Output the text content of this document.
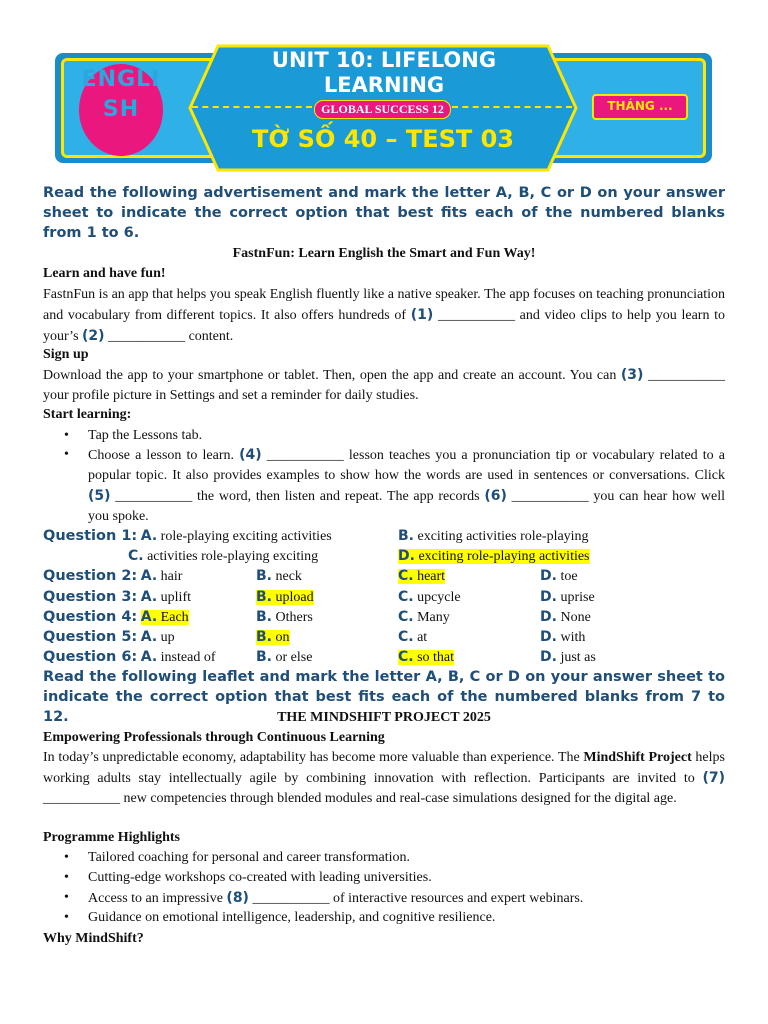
ENGLISH
UNIT 10: LIFELONG LEARNING
GLOBAL SUCCESS 12
TỜ SỐ 40 – TEST 03
THÁNG ...

Read the following advertisement and mark the letter A, B, C or D on your answer sheet to indicate the correct option that best fits each of the numbered blanks from 1 to 6.

FastnFun: Learn English the Smart and Fun Way!

Learn and have fun!

FastnFun is an app that helps you speak English fluently like a native speaker. The app focuses on teaching pronunciation and vocabulary from different topics. It also offers hundreds of (1) ___________ and video clips to help you learn to your’s (2) ___________ content.

Sign up

Download the app to your smartphone or tablet. Then, open the app and create an account. You can (3) ___________ your profile picture in Settings and set a reminder for daily studies.

Start learning:

•	Tap the Lessons tab.

•	Choose a lesson to learn. (4) ___________ lesson teaches you a pronunciation tip or vocabulary related to a popular topic. It also provides examples to show how the words are used in sentences or conversations. Click (5) ___________ the word, then listen and repeat. The app records (6) ___________ you can hear how well you spoke.

Question 1: A. role-playing exciting activities	B. exciting activities role-playing
C. activities role-playing exciting	D. exciting role-playing activities
Question 2: A. hair	B. neck	C. heart	D. toe
Question 3: A. uplift	B. upload	C. upcycle	D. uprise
Question 4: A. Each	B. Others	C. Many	D. None
Question 5: A. up	B. on	C. at	D. with
Question 6: A. instead of	B. or else	C. so that	D. just as

Read the following leaflet and mark the letter A, B, C or D on your answer sheet to indicate the correct option that best fits each of the numbered blanks from 7 to 12.	THE MINDSHIFT PROJECT 2025

Empowering Professionals through Continuous Learning

In today’s unpredictable economy, adaptability has become more valuable than experience. The MindShift Project helps working adults stay intellectually agile by combining innovation with reflection. Participants are invited to (7) ___________ new competencies through blended modules and real-case simulations designed for the digital age.

Programme Highlights

•	Tailored coaching for personal and career transformation.

•	Cutting-edge workshops co-created with leading universities.

•	Access to an impressive (8) ___________ of interactive resources and expert webinars.

•	Guidance on emotional intelligence, leadership, and cognitive resilience.

Why MindShift?
